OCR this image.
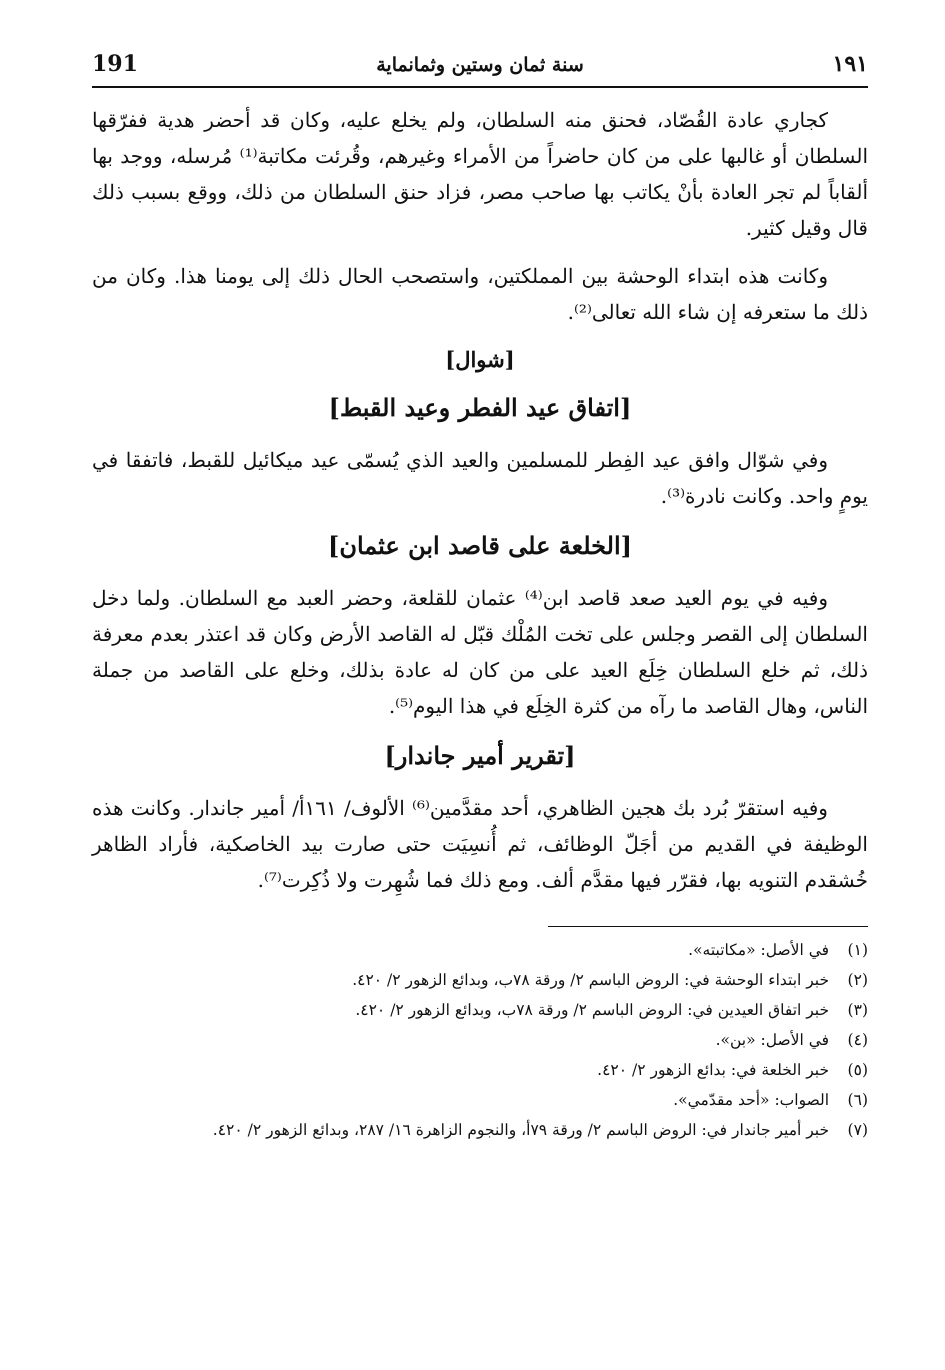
١٩١
سنة ثمان وستين وثمانماية
191

كجاري عادة القُصّاد، فحنق منه السلطان، ولم يخلع عليه، وكان قد أحضر هدية ففرّقها السلطان أو غالبها على من كان حاضراً من الأمراء وغيرهم، وقُرئت مكاتبة⁽¹⁾ مُرسله، ووجد بها ألقاباً لم تجر العادة بأنْ يكاتب بها صاحب مصر، فزاد حنق السلطان من ذلك، ووقع بسبب ذلك قال وقيل كثير.

وكانت هذه ابتداء الوحشة بين المملكتين، واستصحب الحال ذلك إلى يومنا هذا. وكان من ذلك ما ستعرفه إن شاء الله تعالى⁽²⁾.

[شوال]
[اتفاق عيد الفطر وعيد القبط]

وفي شوّال وافق عيد الفِطر للمسلمين والعيد الذي يُسمّى عيد ميكائيل للقبط، فاتفقا في يومٍ واحد. وكانت نادرة⁽³⁾.

[الخلعة على قاصد ابن عثمان]

وفيه في يوم العيد صعد قاصد ابن⁽⁴⁾ عثمان للقلعة، وحضر العبد مع السلطان. ولما دخل السلطان إلى القصر وجلس على تخت المُلْك قبّل له القاصد الأرض وكان قد اعتذر بعدم معرفة ذلك، ثم خلع السلطان خِلَع العيد على من كان له عادة بذلك، وخلع على القاصد من جملة الناس، وهال القاصد ما رآه من كثرة الخِلَع في هذا اليوم⁽⁵⁾.

[تقرير أمير جاندار]

وفيه استقرّ بُرد بك هجين الظاهري، أحد مقدَّمين⁽⁶⁾ الألوف/ ١٦١أ/ أمير جاندار. وكانت هذه الوظيفة في القديم من أجَلّ الوظائف، ثم أُنسِيَت حتى صارت بيد الخاصكية، فأراد الظاهر خُشقدم التنويه بها، فقرّر فيها مقدَّم ألف. ومع ذلك فما شُهِرت ولا ذُكِرت⁽⁷⁾.

(١) في الأصل: «مكاتبته».
(٢) خبر ابتداء الوحشة في: الروض الباسم ٢/ ورقة ٧٨ب، وبدائع الزهور ٢/ ٤٢٠.
(٣) خبر اتفاق العيدين في: الروض الباسم ٢/ ورقة ٧٨ب، وبدائع الزهور ٢/ ٤٢٠.
(٤) في الأصل: «بن».
(٥) خبر الخلعة في: بدائع الزهور ٢/ ٤٢٠.
(٦) الصواب: «أحد مقدّمي».
(٧) خبر أمير جاندار في: الروض الباسم ٢/ ورقة ٧٩أ، والنجوم الزاهرة ١٦/ ٢٨٧، وبدائع الزهور ٢/ ٤٢٠.
